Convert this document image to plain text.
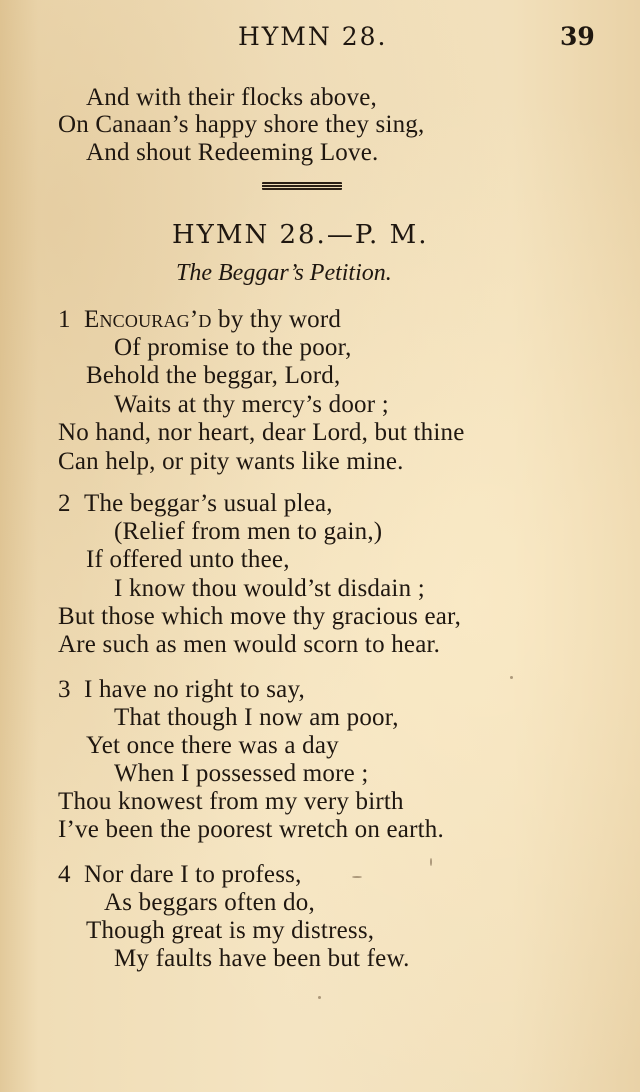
HYMN 28.	39
And with their flocks above,
On Canaan’s happy shore they sing,
And shout Redeeming Love.
HYMN 28.—P. M.
The Beggar’s Petition.
1 Encourag’d by thy word
Of promise to the poor,
Behold the beggar, Lord,
Waits at thy mercy’s door ;
No hand, nor heart, dear Lord, but thine
Can help, or pity wants like mine.
2 The beggar’s usual plea,
(Relief from men to gain,)
If offered unto thee,
I know thou would’st disdain ;
But those which move thy gracious ear,
Are such as men would scorn to hear.
3 I have no right to say,
That though I now am poor,
Yet once there was a day
When I possessed more ;
Thou knowest from my very birth
I’ve been the poorest wretch on earth.
4 Nor dare I to profess,
As beggars often do,
Though great is my distress,
My faults have been but few.
